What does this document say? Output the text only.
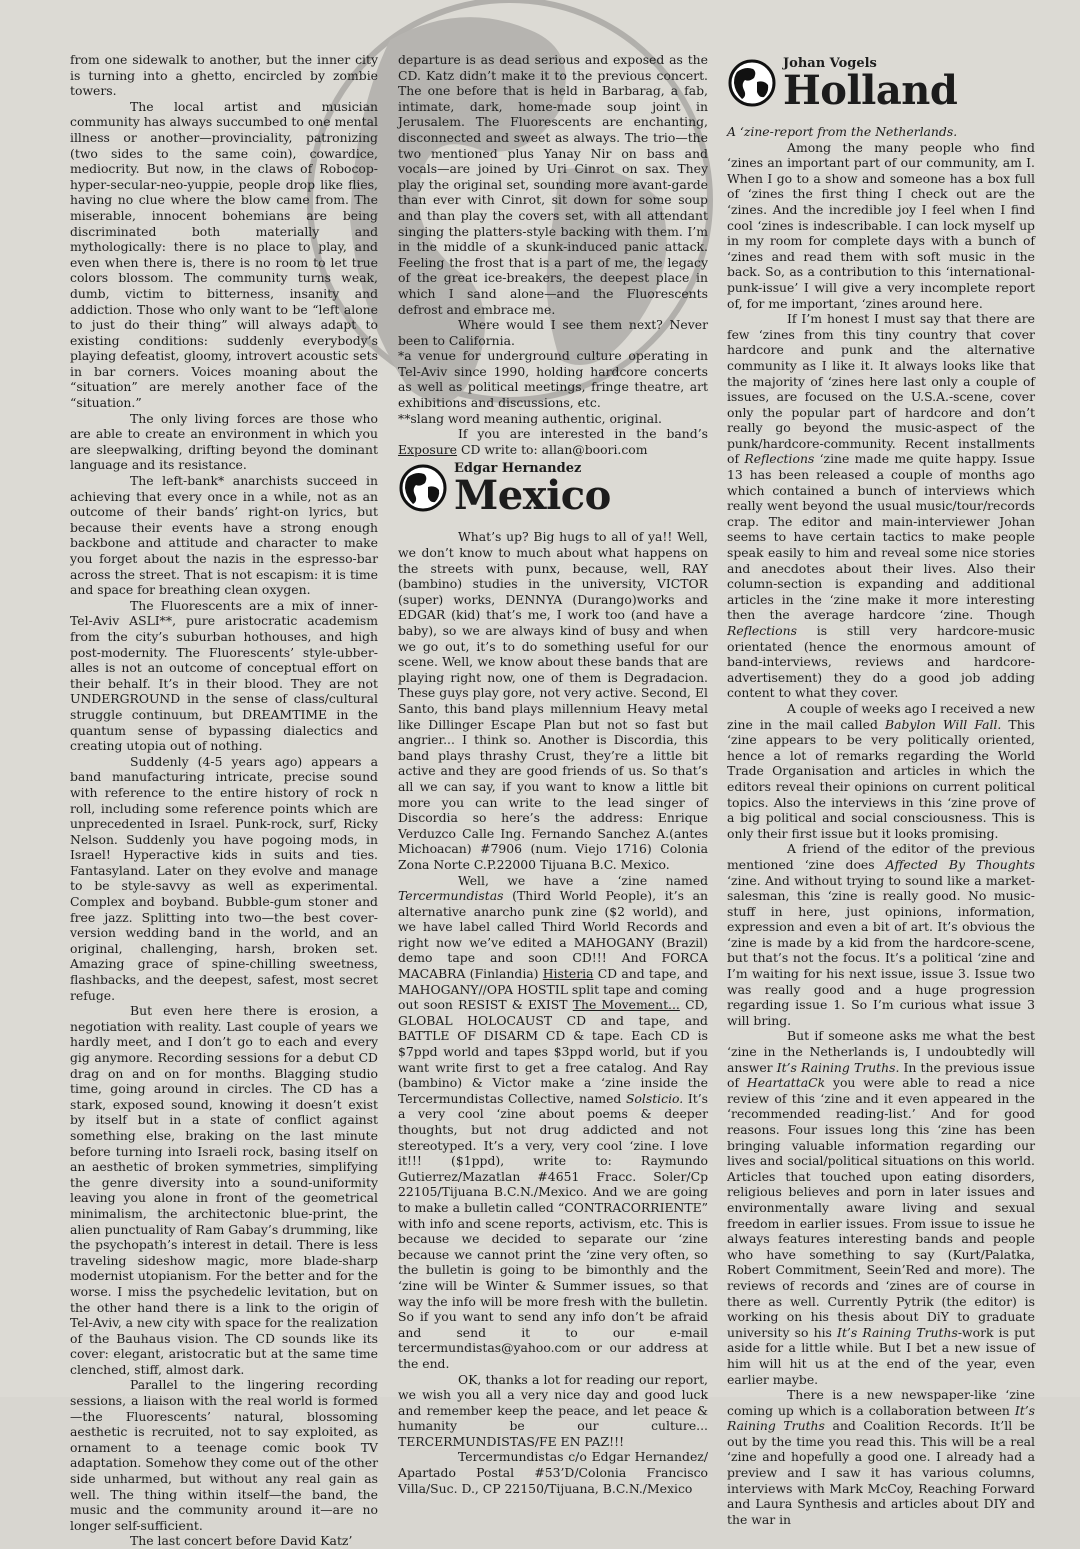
from one sidewalk to another, but the inner city is turning into a ghetto, encircled by zombie towers.

The local artist and musician community has always succumbed to one mental illness or another—provinciality, patronizing (two sides to the same coin), cowardice, mediocrity. But now, in the claws of Robocop-hyper-secular-neo-yuppie, people drop like flies, having no clue where the blow came from. The miserable, innocent bohemians are being discriminated both materially and mythologically: there is no place to play, and even when there is, there is no room to let true colors blossom. The community turns weak, dumb, victim to bitterness, insanity and addiction. Those who only want to be “left alone to just do their thing” will always adapt to existing conditions: suddenly everybody’s playing defeatist, gloomy, introvert acoustic sets in bar corners. Voices moaning about the “situation” are merely another face of the “situation.”

The only living forces are those who are able to create an environment in which you are sleepwalking, drifting beyond the dominant language and its resistance.

The left-bank* anarchists succeed in achieving that every once in a while, not as an outcome of their bands’ right-on lyrics, but because their events have a strong enough backbone and attitude and character to make you forget about the nazis in the espresso-bar across the street. That is not escapism: it is time and space for breathing clean oxygen.

The Fluorescents are a mix of inner-Tel-Aviv ASLI**, pure aristocratic academism from the city’s suburban hothouses, and high post-modernity. The Fluorescents’ style-ubber-alles is not an outcome of conceptual effort on their behalf. It’s in their blood. They are not UNDERGROUND in the sense of class/cultural struggle continuum, but DREAMTIME in the quantum sense of bypassing dialectics and creating utopia out of nothing.

Suddenly (4-5 years ago) appears a band manufacturing intricate, precise sound with reference to the entire history of rock n roll, including some reference points which are unprecedented in Israel. Punk-rock, surf, Ricky Nelson. Suddenly you have pogoing mods, in Israel! Hyperactive kids in suits and ties. Fantasyland. Later on they evolve and manage to be style-savvy as well as experimental. Complex and boyband. Bubble-gum stoner and free jazz. Splitting into two—the best cover-version wedding band in the world, and an original, challenging, harsh, broken set. Amazing grace of spine-chilling sweetness, flashbacks, and the deepest, safest, most secret refuge.

But even here there is erosion, a negotiation with reality. Last couple of years we hardly meet, and I don’t go to each and every gig anymore. Recording sessions for a debut CD drag on and on for months. Blagging studio time, going around in circles. The CD has a stark, exposed sound, knowing it doesn’t exist by itself but in a state of conflict against something else, braking on the last minute before turning into Israeli rock, basing itself on an aesthetic of broken symmetries, simplifying the genre diversity into a sound-uniformity leaving you alone in front of the geometrical minimalism, the architectonic blue-print, the alien punctuality of Ram Gabay’s drumming, like the psychopath’s interest in detail. There is less traveling sideshow magic, more blade-sharp modernist utopianism. For the better and for the worse. I miss the psychedelic levitation, but on the other hand there is a link to the origin of Tel-Aviv, a new city with space for the realization of the Bauhaus vision. The CD sounds like its cover: elegant, aristocratic but at the same time clenched, stiff, almost dark.

Parallel to the lingering recording sessions, a liaison with the real world is formed—the Fluorescents’ natural, blossoming aesthetic is recruited, not to say exploited, as ornament to a teenage comic book TV adaptation. Somehow they come out of the other side unharmed, but without any real gain as well. The thing within itself—the band, the music and the community around it—are no longer self-sufficient.

The last concert before David Katz’

departure is as dead serious and exposed as the CD. Katz didn’t make it to the previous concert. The one before that is held in Barbarag, a fab, intimate, dark, home-made soup joint in Jerusalem. The Fluorescents are enchanting, disconnected and sweet as always. The trio—the two mentioned plus Yanay Nir on bass and vocals—are joined by Uri Cinrot on sax. They play the original set, sounding more avant-garde than ever with Cinrot, sit down for some soup and than play the covers set, with all attendant singing the platters-style backing with them. I’m in the middle of a skunk-induced panic attack. Feeling the frost that is a part of me, the legacy of the great ice-breakers, the deepest place in which I sand alone—and the Fluorescents defrost and embrace me.

Where would I see them next? Never been to California.

*a venue for underground culture operating in Tel-Aviv since 1990, holding hardcore concerts as well as political meetings, fringe theatre, art exhibitions and discussions, etc.

**slang word meaning authentic, original.

If you are interested in the band’s Exposure CD write to: allan@boori.com

Edgar Hernandez
Mexico

What’s up? Big hugs to all of ya!! Well, we don’t know to much about what happens on the streets with punx, because, well, RAY (bambino) studies in the university, VICTOR (super) works, DENNYA (Durango)works and EDGAR (kid) that’s me, I work too (and have a baby), so we are always kind of busy and when we go out, it’s to do something useful for our scene. Well, we know about these bands that are playing right now, one of them is Degradacion. These guys play gore, not very active. Second, El Santo, this band plays millennium Heavy metal like Dillinger Escape Plan but not so fast but angrier... I think so. Another is Discordia, this band plays thrashy Crust, they’re a little bit active and they are good friends of us. So that’s all we can say, if you want to know a little bit more you can write to the lead singer of Discordia so here’s the address: Enrique Verduzco Calle Ing. Fernando Sanchez A.(antes Michoacan) #7906 (num. Viejo 1716) Colonia Zona Norte C.P.22000 Tijuana B.C. Mexico.

Well, we have a ‘zine named Tercermundistas (Third World People), it’s an alternative anarcho punk zine ($2 world), and we have label called Third World Records and right now we’ve edited a MAHOGANY (Brazil) demo tape and soon CD!!! And FORCA MACABRA (Finlandia) Histeria CD and tape, and MAHOGANY//OPA HOSTIL split tape and coming out soon RESIST & EXIST The Movement... CD, GLOBAL HOLOCAUST CD and tape, and BATTLE OF DISARM CD & tape. Each CD is $7ppd world and tapes $3ppd world, but if you want write first to get a free catalog. And Ray (bambino) & Victor make a ‘zine inside the Tercermundistas Collective, named Solsticio. It’s a very cool ‘zine about poems & deeper thoughts, but not drug addicted and not stereotyped. It’s a very, very cool ‘zine. I love it!!! ($1ppd), write to: Raymundo Gutierrez/Mazatlan #4651 Fracc. Soler/Cp 22105/Tijuana B.C.N./Mexico. And we are going to make a bulletin called “CONTRACORRIENTE” with info and scene reports, activism, etc. This is because we decided to separate our ‘zine because we cannot print the ‘zine very often, so the bulletin is going to be bimonthly and the ‘zine will be Winter & Summer issues, so that way the info will be more fresh with the bulletin. So if you want to send any info don’t be afraid and send it to our e-mail tercermundistas@yahoo.com or our address at the end.

OK, thanks a lot for reading our report, we wish you all a very nice day and good luck and remember keep the peace, and let peace & humanity be our culture... TERCERMUNDISTAS/FE EN PAZ!!!

Tercermundistas c/o Edgar Hernandez/ Apartado Postal #53’D/Colonia Francisco Villa/Suc. D., CP 22150/Tijuana, B.C.N./Mexico

Johan Vogels
Holland

A ‘zine-report from the Netherlands.

Among the many people who find ‘zines an important part of our community, am I. When I go to a show and someone has a box full of ‘zines the first thing I check out are the ‘zines. And the incredible joy I feel when I find cool ‘zines is indescribable. I can lock myself up in my room for complete days with a bunch of ‘zines and read them with soft music in the back. So, as a contribution to this ‘international-punk-issue’ I will give a very incomplete report of, for me important, ‘zines around here.

If I’m honest I must say that there are few ‘zines from this tiny country that cover hardcore and punk and the alternative community as I like it. It always looks like that the majority of ‘zines here last only a couple of issues, are focused on the U.S.A.-scene, cover only the popular part of hardcore and don’t really go beyond the music-aspect of the punk/hardcore-community. Recent installments of Reflections ‘zine made me quite happy. Issue 13 has been released a couple of months ago which contained a bunch of interviews which really went beyond the usual music/tour/records crap. The editor and main-interviewer Johan seems to have certain tactics to make people speak easily to him and reveal some nice stories and anecdotes about their lives. Also their column-section is expanding and additional articles in the ‘zine make it more interesting then the average hardcore ‘zine. Though Reflections is still very hardcore-music orientated (hence the enormous amount of band-interviews, reviews and hardcore-advertisement) they do a good job adding content to what they cover.

A couple of weeks ago I received a new zine in the mail called Babylon Will Fall. This ‘zine appears to be very politically oriented, hence a lot of remarks regarding the World Trade Organisation and articles in which the editors reveal their opinions on current political topics. Also the interviews in this ‘zine prove of a big political and social consciousness. This is only their first issue but it looks promising.

A friend of the editor of the previous mentioned ‘zine does Affected By Thoughts ‘zine. And without trying to sound like a market-salesman, this ‘zine is really good. No music-stuff in here, just opinions, information, expression and even a bit of art. It’s obvious the ‘zine is made by a kid from the hardcore-scene, but that’s not the focus. It’s a political ‘zine and I’m waiting for his next issue, issue 3. Issue two was really good and a huge progression regarding issue 1. So I’m curious what issue 3 will bring.

But if someone asks me what the best ‘zine in the Netherlands is, I undoubtedly will answer It’s Raining Truths. In the previous issue of HeartattaCk you were able to read a nice review of this ‘zine and it even appeared in the ‘recommended reading-list.’ And for good reasons. Four issues long this ‘zine has been bringing valuable information regarding our lives and social/political situations on this world. Articles that touched upon eating disorders, religious believes and porn in later issues and environmentally aware living and sexual freedom in earlier issues. From issue to issue he always features interesting bands and people who have something to say (Kurt/Palatka, Robert Commitment, Seein’Red and more). The reviews of records and ‘zines are of course in there as well. Currently Pytrik (the editor) is working on his thesis about DiY to graduate university so his It’s Raining Truths-work is put aside for a little while. But I bet a new issue of him will hit us at the end of the year, even earlier maybe.

There is a new newspaper-like ‘zine coming up which is a collaboration between It’s Raining Truths and Coalition Records. It’ll be out by the time you read this. This will be a real ‘zine and hopefully a good one. I already had a preview and I saw it has various columns, interviews with Mark McCoy, Reaching Forward and Laura Synthesis and articles about DIY and the war in
